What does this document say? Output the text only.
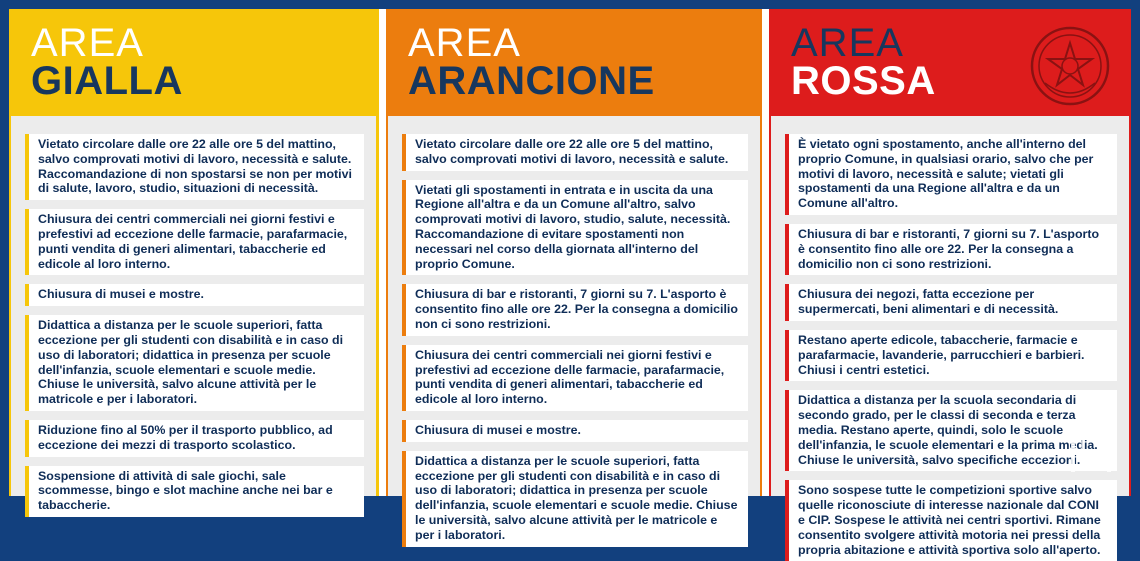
AREA
GIALLA
Vietato circolare dalle ore 22 alle ore 5 del mattino, salvo comprovati motivi di lavoro, necessità e salute. Raccomandazione di non spostarsi se non per motivi di salute, lavoro, studio, situazioni di necessità.
Chiusura dei centri commerciali nei giorni festivi e prefestivi ad eccezione delle farmacie, parafarmacie, punti vendita di generi alimentari, tabaccherie ed edicole al loro interno.
Chiusura di musei e mostre.
Didattica a distanza per le scuole superiori, fatta eccezione per gli studenti con disabilità e in caso di uso di laboratori; didattica in presenza per scuole dell'infanzia, scuole elementari e scuole medie. Chiuse le università, salvo alcune attività per le matricole e per i laboratori.
Riduzione fino al 50% per il trasporto pubblico, ad eccezione dei mezzi di trasporto scolastico.
Sospensione di attività di sale giochi, sale scommesse, bingo e slot machine anche nei bar e tabaccherie.
AREA
ARANCIONE
Vietato circolare dalle ore 22 alle ore 5 del mattino, salvo comprovati motivi di lavoro, necessità e salute.
Vietati gli spostamenti in entrata e in uscita da una Regione all'altra e da un Comune all'altro, salvo comprovati motivi di lavoro, studio, salute, necessità. Raccomandazione di evitare spostamenti non necessari nel corso della giornata all'interno del proprio Comune.
Chiusura di bar e ristoranti, 7 giorni su 7. L'asporto è consentito fino alle ore 22. Per la consegna a domicilio non ci sono restrizioni.
Chiusura dei centri commerciali nei giorni festivi e prefestivi ad eccezione delle farmacie, parafarmacie, punti vendita di generi alimentari, tabaccherie ed edicole al loro interno.
Chiusura di musei e mostre.
Didattica a distanza per le scuole superiori, fatta eccezione per gli studenti con disabilità e in caso di uso di laboratori; didattica in presenza per scuole dell'infanzia, scuole elementari e scuole medie. Chiuse le università, salvo alcune attività per le matricole e per i laboratori.
AREA
ROSSA
È vietato ogni spostamento, anche all'interno del proprio Comune, in qualsiasi orario, salvo che per motivi di lavoro, necessità e salute; vietati gli spostamenti da una Regione all'altra e da un Comune all'altro.
Chiusura di bar e ristoranti, 7 giorni su 7. L'asporto è consentito fino alle ore 22. Per la consegna a domicilio non ci sono restrizioni.
Chiusura dei negozi, fatta eccezione per supermercati, beni alimentari e di necessità.
Restano aperte edicole, tabaccherie, farmacie e parafarmacie, lavanderie, parrucchieri e barbieri. Chiusi i centri estetici.
Didattica a distanza per la scuola secondaria di secondo grado, per le classi di seconda e terza media. Restano aperte, quindi, solo le scuole dell'infanzia, le scuole elementari e la prima media. Chiuse le università, salvo specifiche eccezioni.
Sono sospese tutte le competizioni sportive salvo quelle riconosciute di interesse nazionale dal CONI e CIP. Sospese le attività nei centri sportivi. Rimane consentito svolgere attività motoria nei pressi della propria abitazione e attività sportiva solo all'aperto.
